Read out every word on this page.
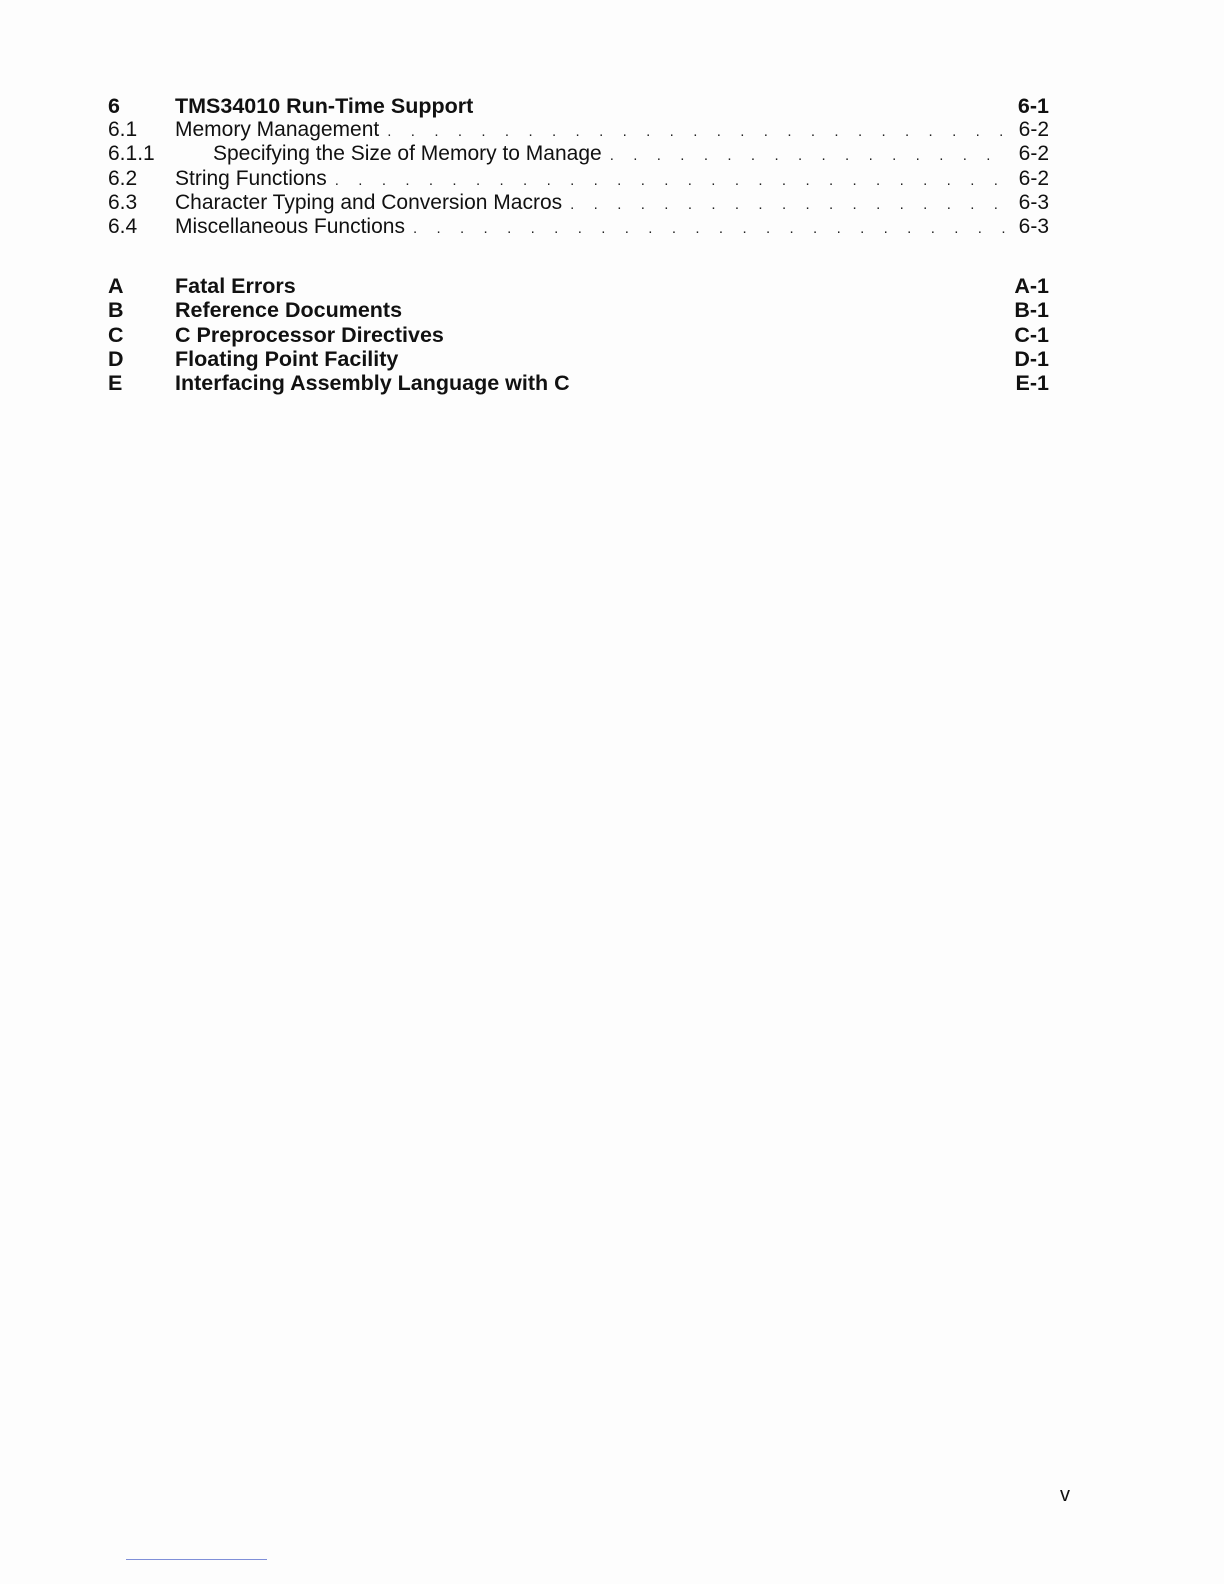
6	TMS34010 Run-Time Support	6-1
6.1	Memory Management . . .	6-2
6.1.1	Specifying the Size of Memory to Manage . . .	6-2
6.2	String Functions . . .	6-2
6.3	Character Typing and Conversion Macros . . .	6-3
6.4	Miscellaneous Functions . . .	6-3
A	Fatal Errors	A-1
B	Reference Documents	B-1
C	C Preprocessor Directives	C-1
D	Floating Point Facility	D-1
E	Interfacing Assembly Language with C	E-1
v
